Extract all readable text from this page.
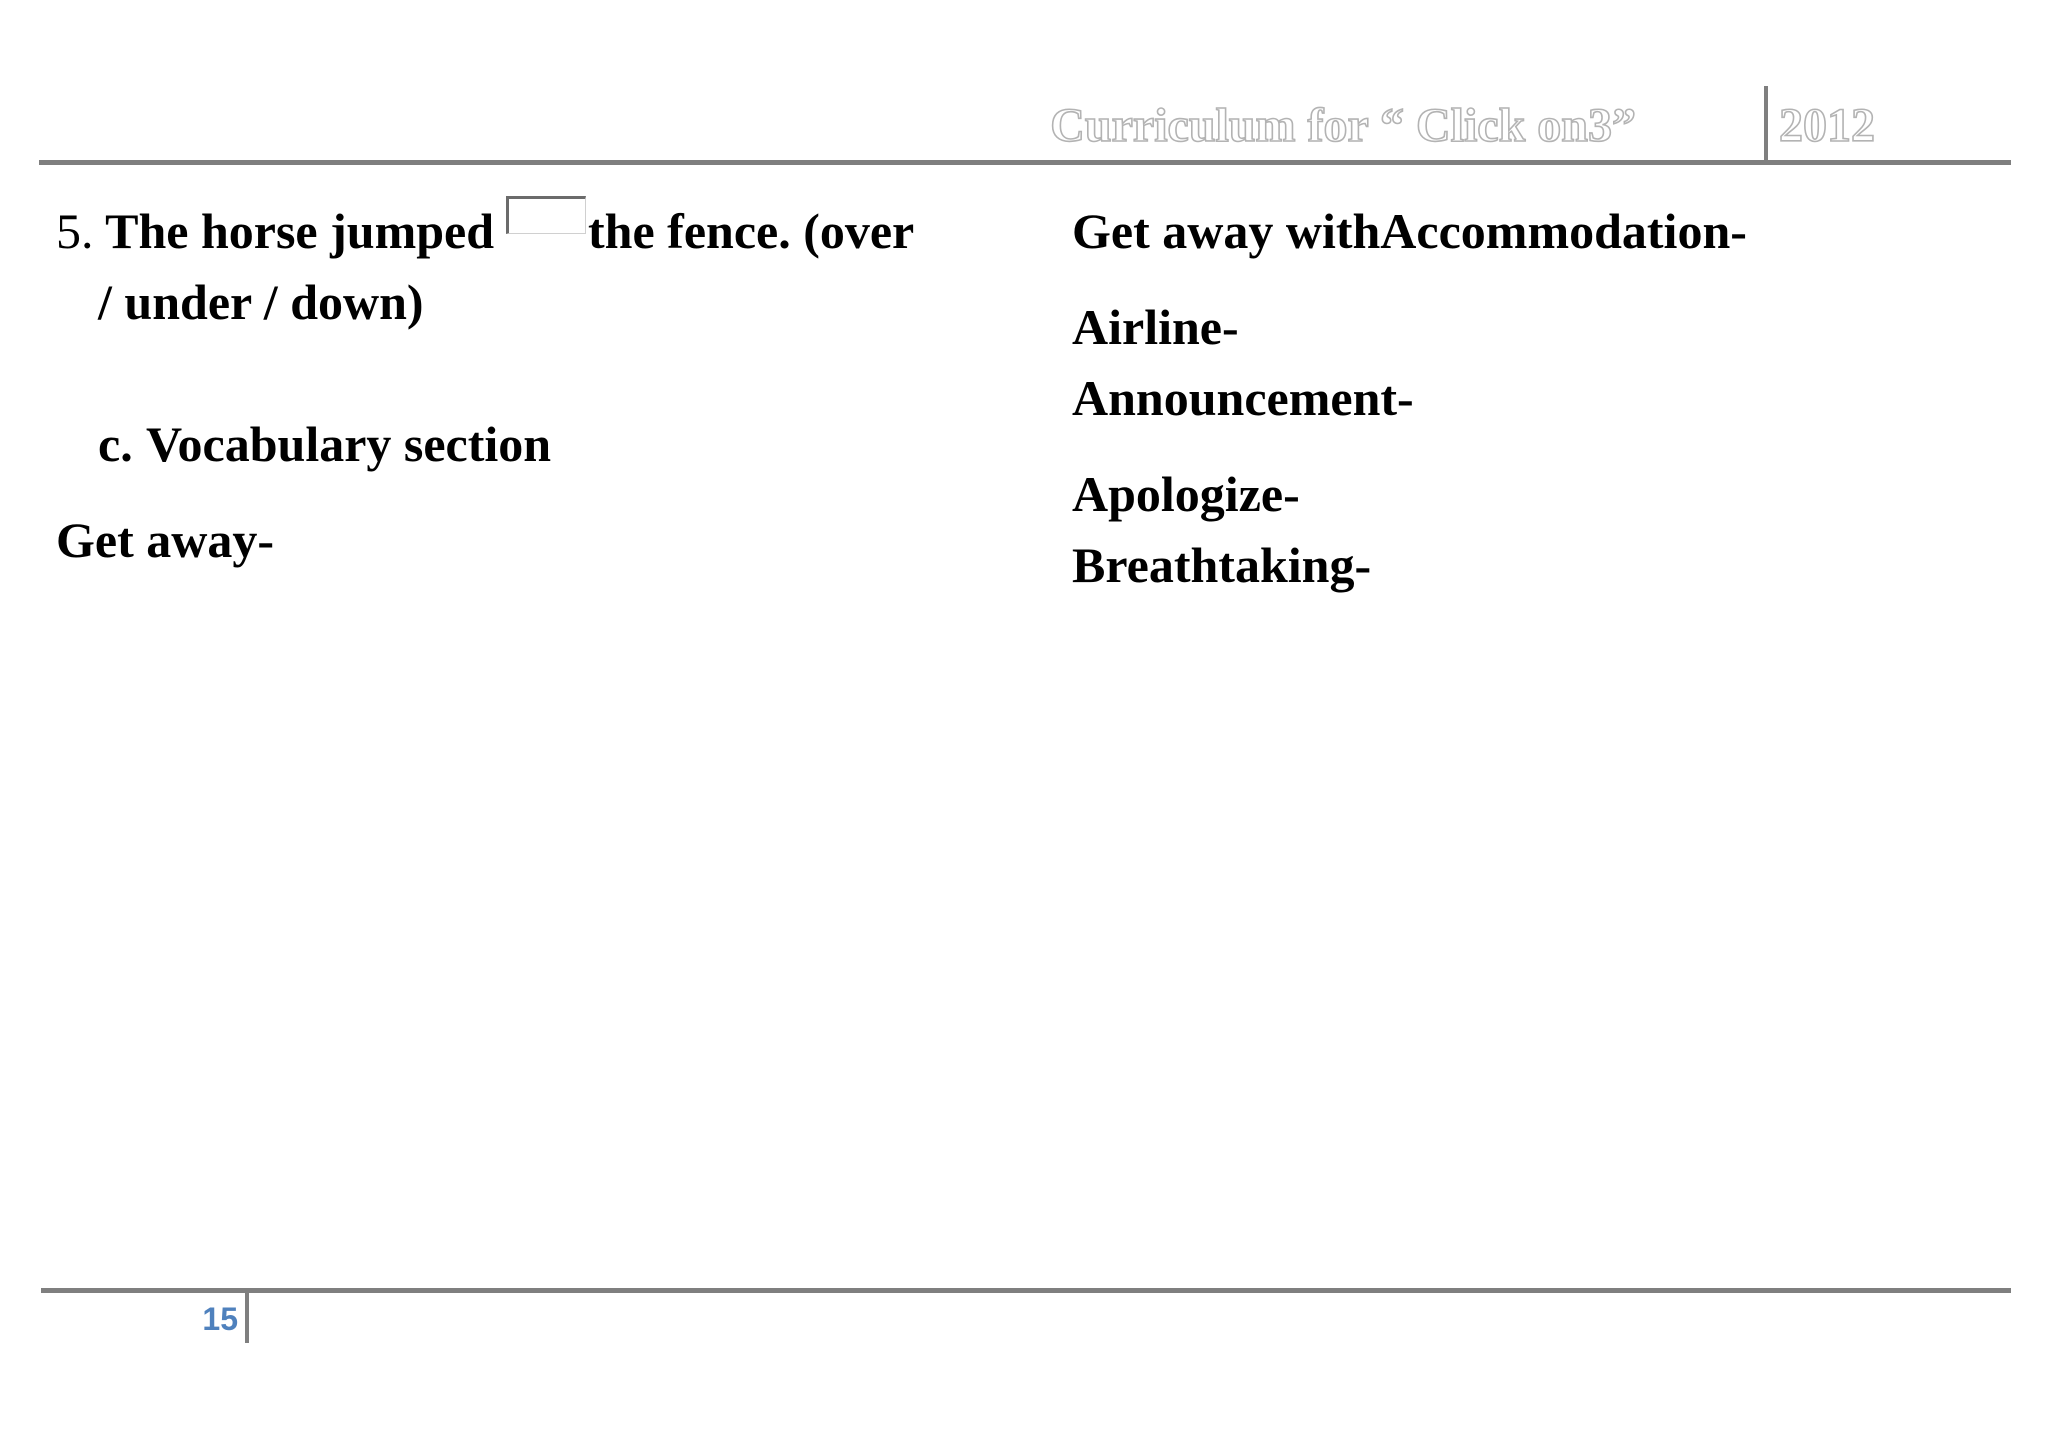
Curriculum for “ Click on3”	2012
5. The horse jumped the fence. (over
/ under / down)
c. Vocabulary section
Get away-
Get away withAccommodation-
Airline-
Announcement-
Apologize-
Breathtaking-
15
